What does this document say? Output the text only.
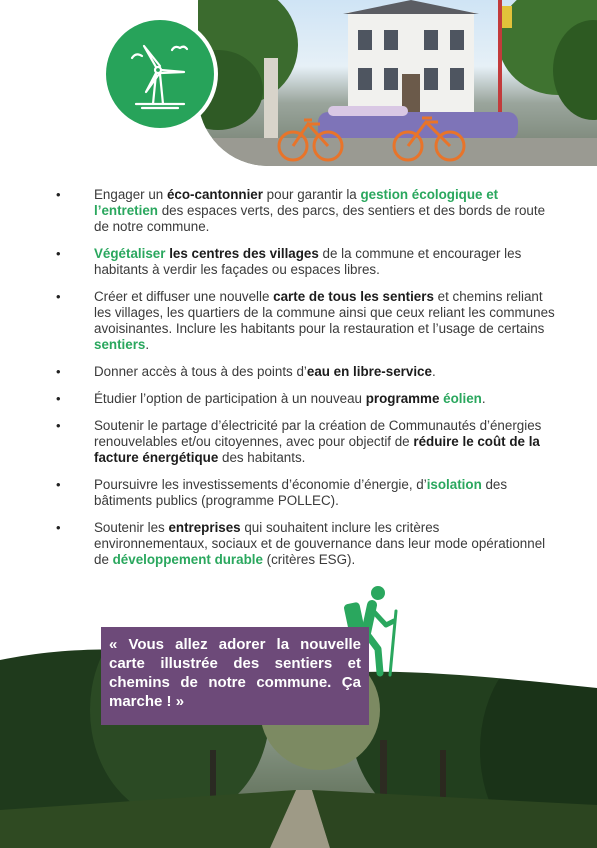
• Engager un éco-cantonnier pour garantir la gestion écologique et l’entretien des espaces verts, des parcs, des sentiers et des bords de route de notre commune.
• Végétaliser les centres des villages de la commune et encourager les habitants à verdir les façades ou espaces libres.
• Créer et diffuser une nouvelle carte de tous les sentiers et chemins reliant les villages, les quartiers de la commune ainsi que ceux reliant les communes avoisinantes. Inclure les habitants pour la restauration et l’usage de certains sentiers.
• Donner accès à tous à des points d’eau en libre-service.
• Étudier l’option de participation à un nouveau programme éolien.
• Soutenir le partage d’électricité par la création de Communautés d’énergies renouvelables et/ou citoyennes, avec pour objectif de réduire le coût de la facture énergétique des habitants.
• Poursuivre les investissements d’économie d’énergie, d’isolation des bâtiments publics (programme POLLEC).
• Soutenir les entreprises qui souhaitent inclure les critères environnementaux, sociaux et de gouvernance dans leur mode opérationnel de développement durable (critères ESG).
« Vous allez adorer la nouvelle carte illustrée des sentiers et chemins de notre commune. Ça marche ! »
